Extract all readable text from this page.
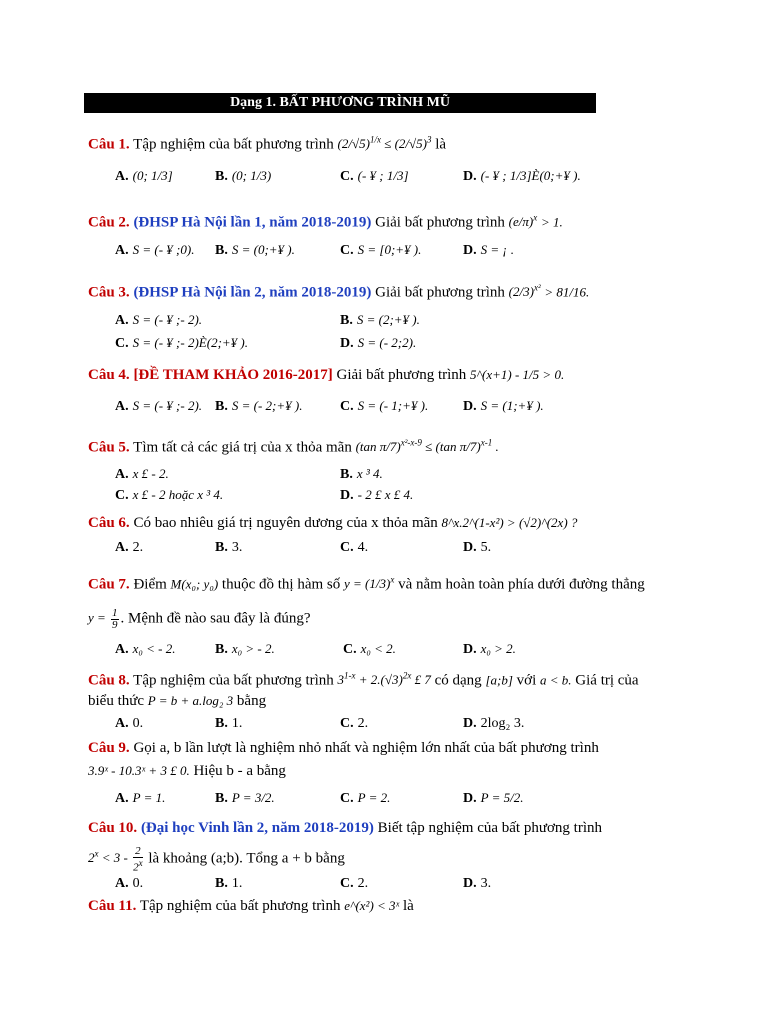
Dạng 1. BẤT PHƯƠNG TRÌNH MŨ
Câu 1. Tập nghiệm của bất phương trình $(2/√5)^{1/x} \le (2/√5)^3$ là
A. (0; 1/3]	B. (0; 1/3)	C. (- ¥ ; 1/3]	D. (- ¥ ; 1/3]È(0;+¥ ).
Câu 2. (ĐHSP Hà Nội lần 1, năm 2018-2019) Giải bất phương trình $(e/\pi)^x > 1$.
A. S = (- ¥ ;0). B. S = (0;+¥ ).	C. S = [0;+¥ ).	D. S = ¡ .
Câu 3. (ĐHSP Hà Nội lần 2, năm 2018-2019) Giải bất phương trình $(2/3)^{x^2} > 81/16$.
A. S = (- ¥ ;- 2).	B. S = (2;+¥ ).
C. S = (- ¥ ;- 2)È(2;+¥ ).	D. S = (- 2;2).
Câu 4. [ĐỀ THAM KHẢO 2016-2017] Giải bất phương trình 5^(x+1) - 1/5 > 0.
A. S = (- ¥ ;- 2). B. S = (- 2;+¥ ).	C. S = (- 1;+¥ ). D. S = (1;+¥ ).
Câu 5. Tìm tất cả các giá trị của x thỏa mãn (tan π/7)$^{x^2-x-9}$ ≤ (tan π/7)$^{x-1}$ .
A. x £ - 2.	B. x ³ 4.
C. x £ - 2 hoặc x ³ 4.	D. - 2 £ x £ 4.
Câu 6. Có bao nhiêu giá trị nguyên dương của x thỏa mãn 8^x.2^(1-x²) > (√2)^(2x) ?
A. 2.	B. 3.	C. 4.	D. 5.
Câu 7. Điểm M(x₀; y₀) thuộc đồ thị hàm số $y = (1/3)^x$ và nằm hoàn toàn phía dưới đường thẳng
$y = \frac{1}{9}$ . Mệnh đề nào sau đây là đúng?
A. x₀ < - 2.	B. x₀ > - 2.	C. x₀ < 2.	D. x₀ > 2.
Câu 8. Tập nghiệm của bất phương trình $3^{1-x} + 2.(√3)^{2x}$ £ 7 có dạng [a;b] với a < b. Giá trị của
biểu thức P = b + a.log₂ 3 bằng
A. 0.	B. 1.	C. 2.	D. 2log₂ 3.
Câu 9. Gọi a, b lần lượt là nghiệm nhỏ nhất và nghiệm lớn nhất của bất phương trình
3.9ˣ - 10.3ˣ + 3 £ 0. Hiệu b - a bằng
A. P = 1.	B. P = 3/2.	C. P = 2.	D. P = 5/2.
Câu 10. (Đại học Vinh lần 2, năm 2018-2019) Biết tập nghiệm của bất phương trình
$2^x < 3 - \frac{2}{2^x}$ là khoảng (a;b). Tổng a + b bằng
A. 0.	B. 1.	C. 2.	D. 3.
Câu 11. Tập nghiệm của bất phương trình e^(x²) < 3ˣ là
